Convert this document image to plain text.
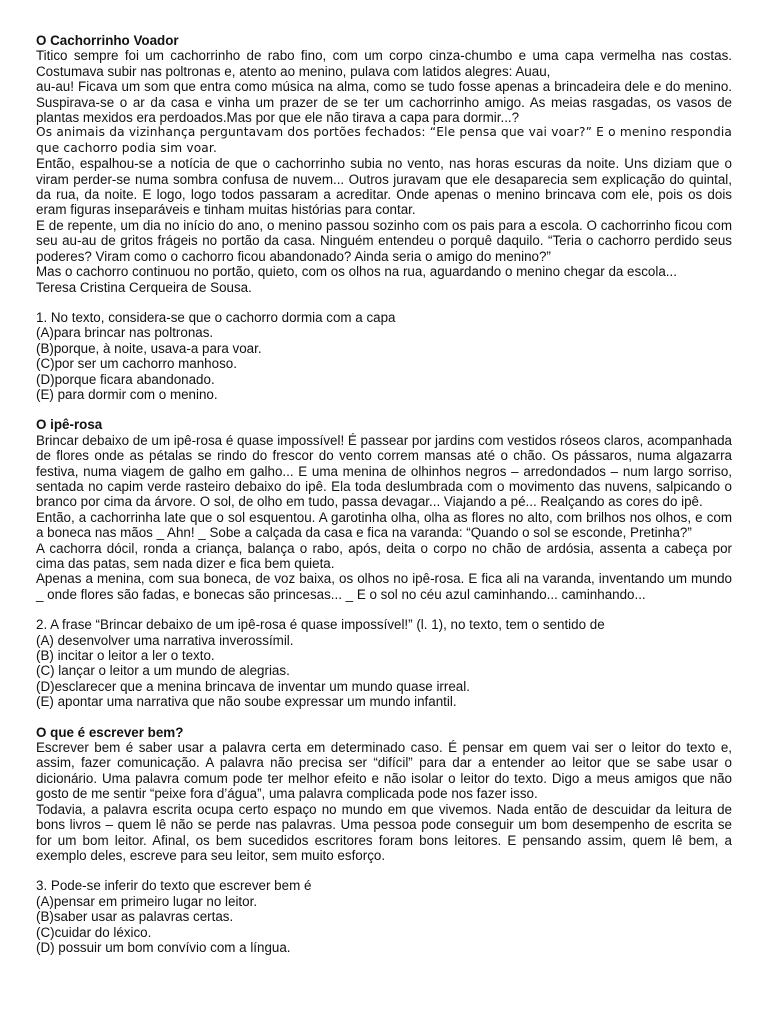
O Cachorrinho Voador

Titico sempre foi um cachorrinho de rabo fino, com um corpo cinza-chumbo e uma capa vermelha nas costas. Costumava subir nas poltronas e, atento ao menino, pulava com latidos alegres: Auau,

au-au! Ficava um som que entra como música na alma, como se tudo fosse apenas a brincadeira dele e do menino. Suspirava-se o ar da casa e vinha um prazer de se ter um cachorrinho amigo. As meias rasgadas, os vasos de plantas mexidos era perdoados.Mas por que ele não tirava a capa para dormir...?

Os animais da vizinhança perguntavam dos portões fechados: “Ele pensa que vai voar?” E o menino respondia que cachorro podia sim voar.

Então, espalhou-se a notícia de que o cachorrinho subia no vento, nas horas escuras da noite. Uns diziam que o viram perder-se numa sombra confusa de nuvem... Outros juravam que ele desaparecia sem explicação do quintal, da rua, da noite. E logo, logo todos passaram a acreditar. Onde apenas o menino brincava com ele, pois os dois eram figuras inseparáveis e tinham muitas histórias para contar.

E de repente, um dia no início do ano, o menino passou sozinho com os pais para a escola. O cachorrinho ficou com seu au-au de gritos frágeis no portão da casa. Ninguém entendeu o porquê daquilo. “Teria o cachorro perdido seus poderes? Viram como o cachorro ficou abandonado? Ainda seria o amigo do menino?”

Mas o cachorro continuou no portão, quieto, com os olhos na rua, aguardando o menino chegar da escola...

Teresa Cristina Cerqueira de Sousa.

1. No texto, considera-se que o cachorro dormia com a capa

(A)para brincar nas poltronas.

(B)porque, à noite, usava-a para voar.

(C)por ser um cachorro manhoso.

(D)porque ficara abandonado.

(E) para dormir com o menino.

O ipê-rosa

Brincar debaixo de um ipê-rosa é quase impossível! É passear por jardins com vestidos róseos claros, acompanhada de flores onde as pétalas se rindo do frescor do vento correm mansas até o chão. Os pássaros, numa algazarra festiva, numa viagem de galho em galho... E uma menina de olhinhos negros – arredondados – num largo sorriso, sentada no capim verde rasteiro debaixo do ipê. Ela toda deslumbrada com o movimento das nuvens, salpicando o branco por cima da árvore. O sol, de olho em tudo, passa devagar... Viajando a pé... Realçando as cores do ipê.

Então, a cachorrinha late que o sol esquentou. A garotinha olha, olha as flores no alto, com brilhos nos olhos, e com a boneca nas mãos _ Ahn! _ Sobe a calçada da casa e fica na varanda: “Quando o sol se esconde, Pretinha?”

A cachorra dócil, ronda a criança, balança o rabo, após, deita o corpo no chão de ardósia, assenta a cabeça por cima das patas, sem nada dizer e fica bem quieta.

Apenas a menina, com sua boneca, de voz baixa, os olhos no ipê-rosa. E fica ali na varanda, inventando um mundo _ onde flores são fadas, e bonecas são princesas... _ E o sol no céu azul caminhando... caminhando...

2. A frase “Brincar debaixo de um ipê-rosa é quase impossível!” (l. 1), no texto, tem o sentido de

(A) desenvolver uma narrativa inverossímil.

(B) incitar o leitor a ler o texto.

(C) lançar o leitor a um mundo de alegrias.

(D)esclarecer que a menina brincava de inventar um mundo quase irreal.

(E) apontar uma narrativa que não soube expressar um mundo infantil.

O que é escrever bem?

Escrever bem é saber usar a palavra certa em determinado caso. É pensar em quem vai ser o leitor do texto e, assim, fazer comunicação. A palavra não precisa ser “difícil” para dar a entender ao leitor que se sabe usar o dicionário. Uma palavra comum pode ter melhor efeito e não isolar o leitor do texto. Digo a meus amigos que não gosto de me sentir “peixe fora d’água”, uma palavra complicada pode nos fazer isso.

Todavia, a palavra escrita ocupa certo espaço no mundo em que vivemos. Nada então de descuidar da leitura de bons livros – quem lê não se perde nas palavras. Uma pessoa pode conseguir um bom desempenho de escrita se for um bom leitor. Afinal, os bem sucedidos escritores foram bons leitores. E pensando assim, quem lê bem, a exemplo deles, escreve para seu leitor, sem muito esforço.

3. Pode-se inferir do texto que escrever bem é

(A)pensar em primeiro lugar no leitor.

(B)saber usar as palavras certas.

(C)cuidar do léxico.

(D) possuir um bom convívio com a língua.
